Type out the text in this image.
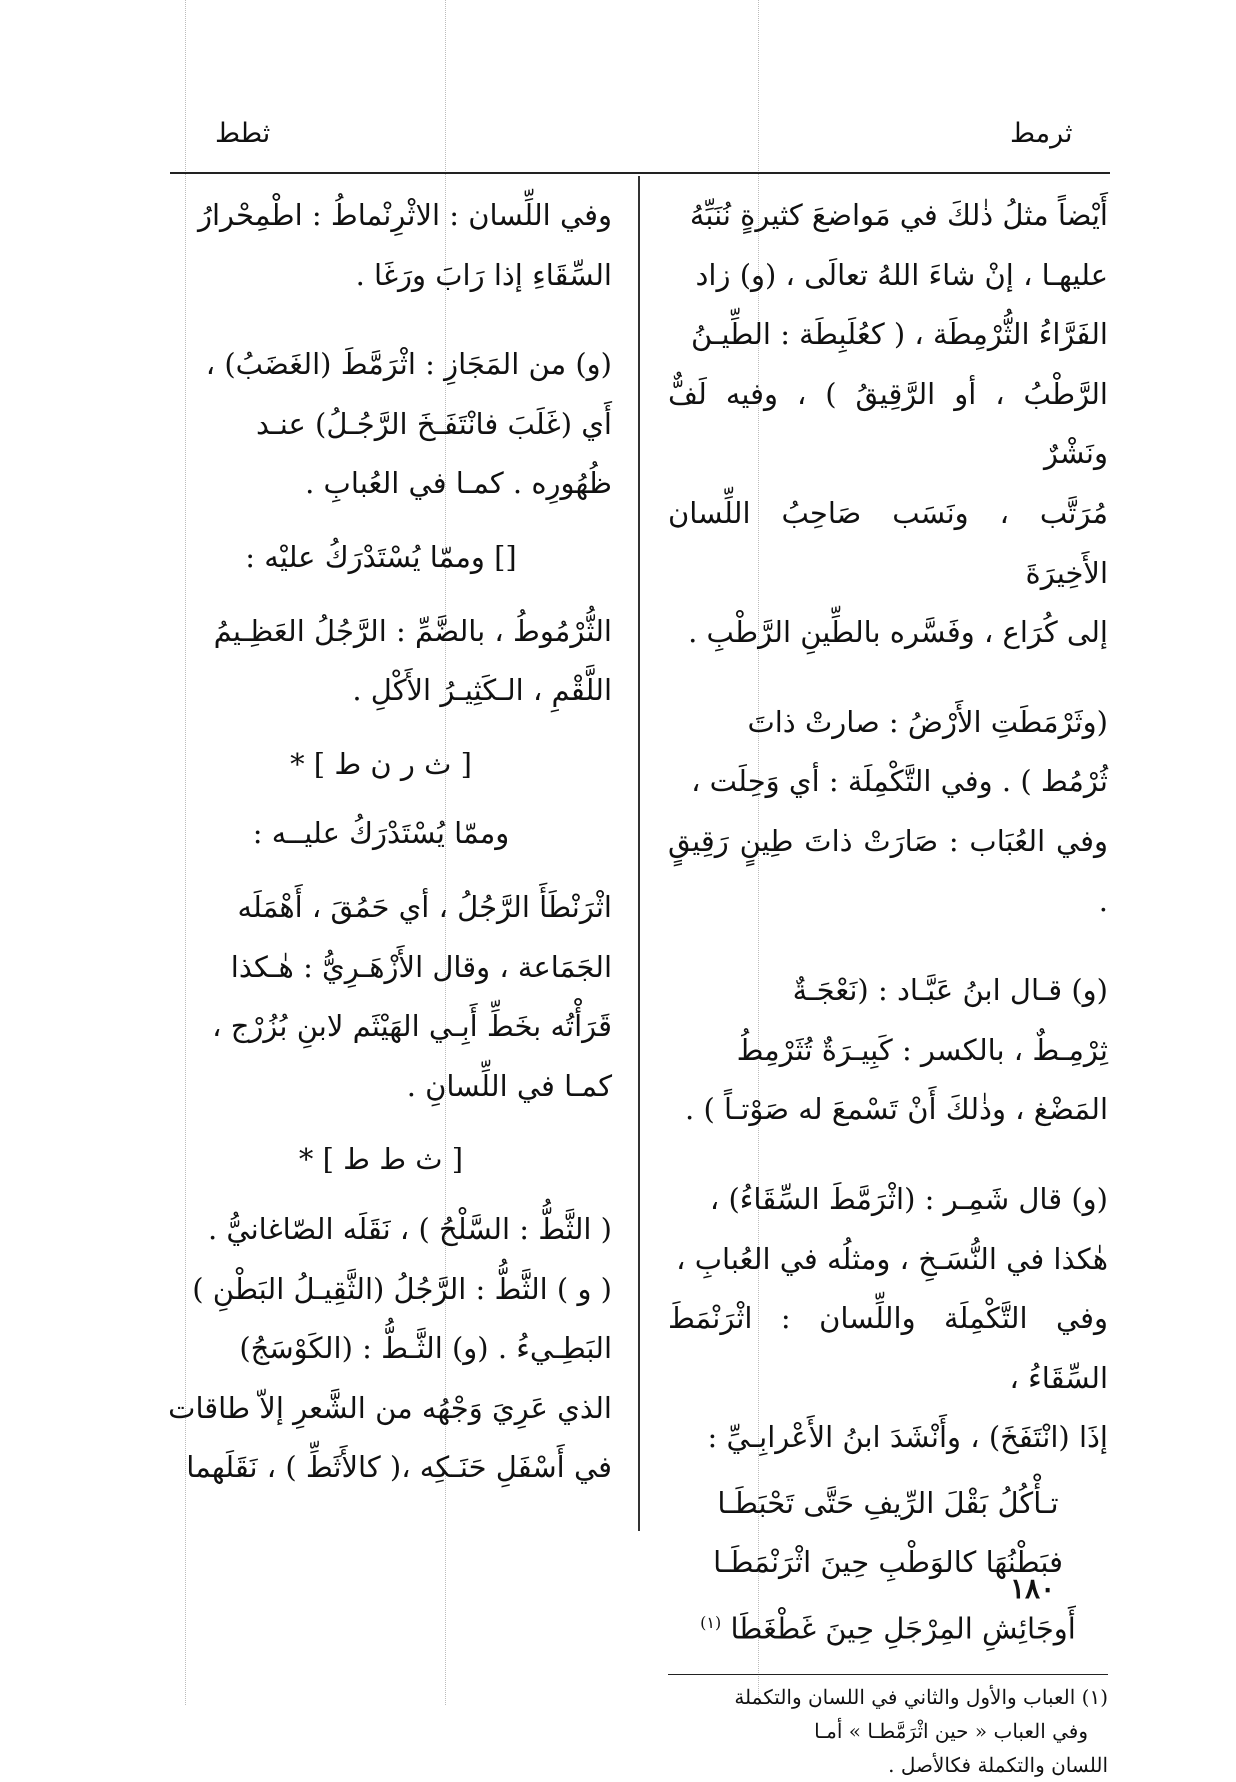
ثرمط
ثطط

أَيْضاً مثلُ ذٰلكَ في مَواضعَ كثيرةٍ نُنَبِّهُ

عليهـا ، إنْ شاءَ اللهُ تعالَى ، (و) زاد

الفَرَّاءُ الثُّرْمِطَة ، ( كعُلَبِطَة : الطِّيـنُ

الرَّطْبُ ، أو الرَّقِيقُ ) ، وفيه لَفٌّ ونَشْرٌ

مُرَتَّب ، ونَسَب صَاحِبُ اللِّسان الأَخِيرَةَ

إلى كُرَاع ، وفَسَّره بالطِّينِ الرَّطْبِ .

(وثَرْمَطَتِ الأَرْضُ : صارتْ ذاتَ

ثُرْمُط ) . وفي التَّكْمِلَة : أي وَحِلَت ،

وفي العُبَاب : صَارَتْ ذاتَ طِينٍ رَقِيقٍ .

(و) قـال ابنُ عَبَّـاد : (نَعْجَـةٌ

ثِرْمِـطٌ ، بالكسر : كَبِيـرَةٌ تُثَرْمِطُ

المَضْغ ، وذٰلكَ أَنْ تَسْمعَ له صَوْتـاً ) .

(و) قال شَمِـر : (اثْرَمَّطَ السِّقَاءُ) ،

هٰكذا في النُّسَـخِ ، ومثلُه في العُبابِ ،

وفي التَّكْمِلَة واللِّسان : اثْرَنْمَطَ السِّقَاءُ ،

إذَا (انْتَفَخَ) ، وأَنْشَدَ ابنُ الأَعْرابِـيِّ :

تـأْكُلُ بَقْلَ الرِّيفِ حَتَّى تَحْبَطَـا

فبَطْنُهَا كالوَطْبِ حِينَ اثْرَنْمَطَـا

أَوجَائِشِ المِرْجَلِ حِينَ غَطْغَطَا $^{(١)}$

(١) العباب والأول والثاني في اللسان والتكملة
وفي العباب « حين اثْرَمَّطـا » أمـا
اللسان والتكملة فكالأصل .

وفي اللِّسان : الاثْرِنْماطُ : اطْمِحْرارُ

السِّقَاءِ إذا رَابَ ورَغَا .

(و) من المَجَازِ : اثْرَمَّطَ (الغَضَبُ) ،

أَي (غَلَبَ فانْتَفَـخَ الرَّجُـلُ) عنـد

ظُهُورِه . كمـا في العُبابِ .

[] وممّا يُسْتَدْرَكُ عليْه :

الثُّرْمُوطُ ، بالضَّمِّ : الرَّجُلُ العَظِـيمُ

اللَّقْمِ ، الـكَثِيـرُ الأَكْلِ .

[ ث ر ن ط ] *

وممّا يُسْتَدْرَكُ عليــه :

اثْرَنْطَأَ الرَّجُلُ ، أي حَمُقَ ، أَهْمَلَه

الجَمَاعة ، وقال الأَزْهَـرِيُّ : هٰـكذا

قَرَأْتُه بخَطِّ أَبِـي الهَيْثَم لابنِ بُزُرْج ،

كمـا في اللِّسانِ .

[ ث ط ط ] *

( الثَّطُّ : السَّلْحُ ) ، نَقَلَه الصّاغانيُّ .

( و ) الثَّطُّ : الرَّجُلُ (الثَّقِيـلُ البَطْنِ )

البَطِـيءُ . (و) الثَّـطُّ : (الكَوْسَجُ)

الذي عَرِيَ وَجْهُه من الشَّعرِ إلاّ طاقات

في أَسْفَلِ حَنَـكِه ،( كالأَثَطِّ ) ، نَقَلَهما

١٨٠
